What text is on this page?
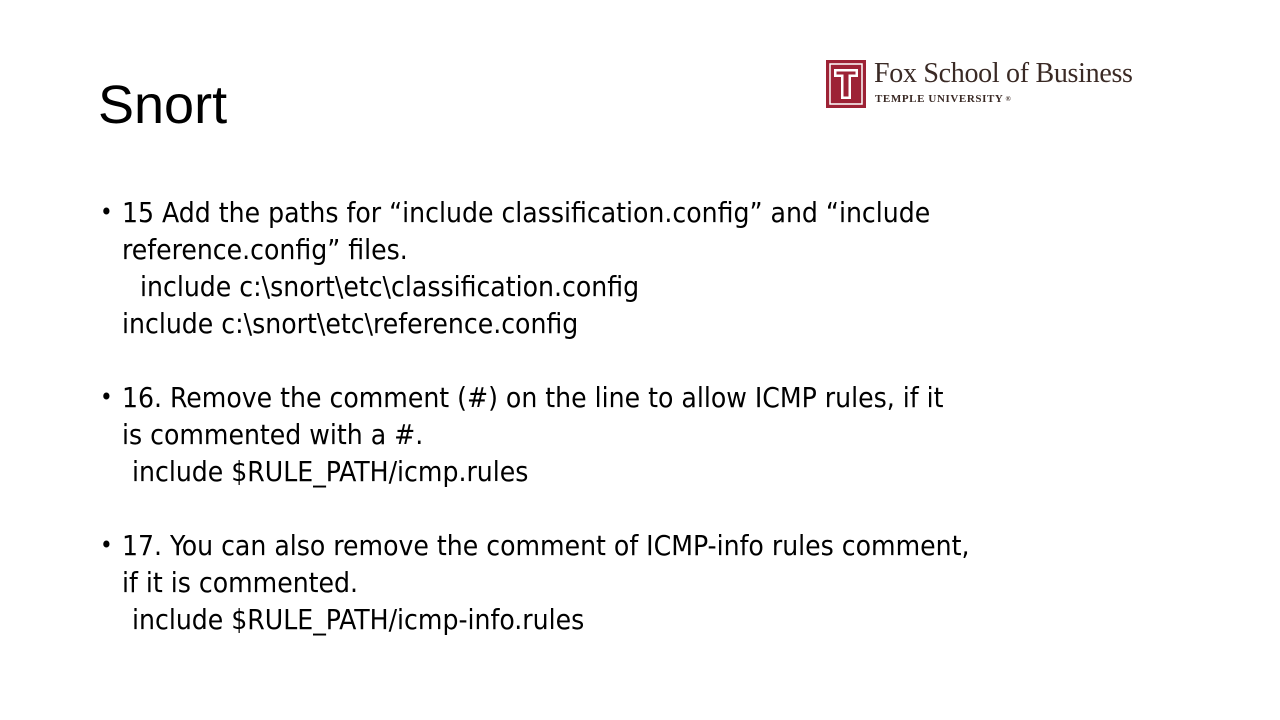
Snort
Fox School of Business
TEMPLE UNIVERSITY ®
• 15 Add the paths for “include classification.config” and “include
reference.config” files.
include c:\snort\etc\classification.config
include c:\snort\etc\reference.config
• 16. Remove the comment (#) on the line to allow ICMP rules, if it
is commented with a #.
include $RULE_PATH/icmp.rules
• 17. You can also remove the comment of ICMP-info rules comment,
if it is commented.
include $RULE_PATH/icmp-info.rules
